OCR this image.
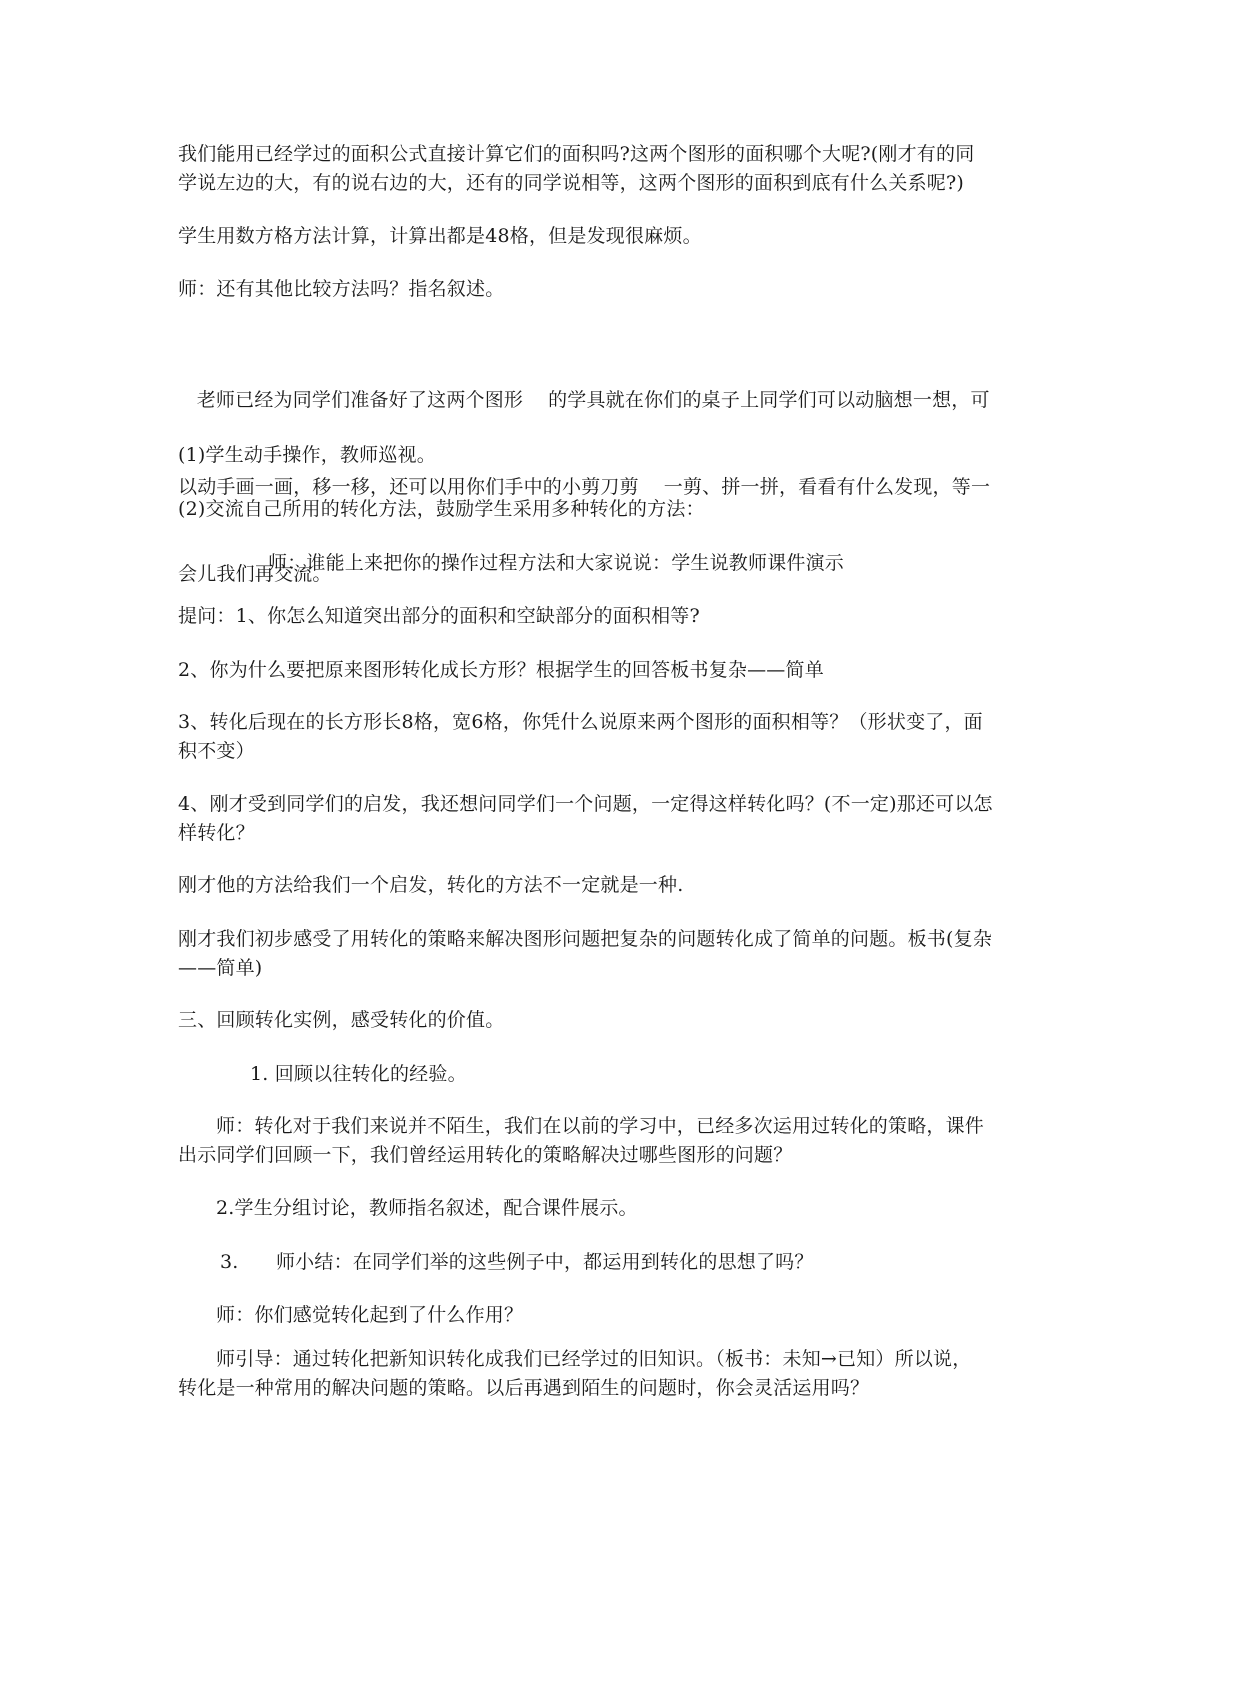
我们能用已经学过的面积公式直接计算它们的面积吗?这两个图形的面积哪个大呢?(刚才有的同
学说左边的大，有的说右边的大，还有的同学说相等，这两个图形的面积到底有什么关系呢?)

学生用数方格方法计算，计算出都是48格，但是发现很麻烦。

师：还有其他比较方法吗？指名叙述。

老师已经为同学们准备好了这两个图形    的学具就在你们的桌子上同学们可以动脑想一想，可

以动手画一画，移一移，还可以用你们手中的小剪刀剪    一剪、拼一拼，看看有什么发现，等一

会儿我们再交流。

(1)学生动手操作，教师巡视。

(2)交流自己所用的转化方法，鼓励学生采用多种转化的方法：

师：谁能上来把你的操作过程方法和大家说说：学生说教师课件演示

提问：1、你怎么知道突出部分的面积和空缺部分的面积相等?

2、你为什么要把原来图形转化成长方形？根据学生的回答板书复杂——简单

3、转化后现在的长方形长8格，宽6格，你凭什么说原来两个图形的面积相等？（形状变了，面
积不变）

4、刚才受到同学们的启发，我还想问同学们一个问题，一定得这样转化吗？(不一定)那还可以怎
样转化？

刚才他的方法给我们一个启发，转化的方法不一定就是一种.

刚才我们初步感受了用转化的策略来解决图形问题把复杂的问题转化成了简单的问题。板书(复杂
——简单)

三、回顾转化实例，感受转化的价值。

1. 回顾以往转化的经验。

师：转化对于我们来说并不陌生，我们在以前的学习中，已经多次运用过转化的策略，课件
出示同学们回顾一下，我们曾经运用转化的策略解决过哪些图形的问题？

2.学生分组讨论，教师指名叙述，配合课件展示。

3.      师小结：在同学们举的这些例子中，都运用到转化的思想了吗？

师：你们感觉转化起到了什么作用？

师引导：通过转化把新知识转化成我们已经学过的旧知识。（板书：未知→已知）所以说，
转化是一种常用的解决问题的策略。以后再遇到陌生的问题时，你会灵活运用吗？
